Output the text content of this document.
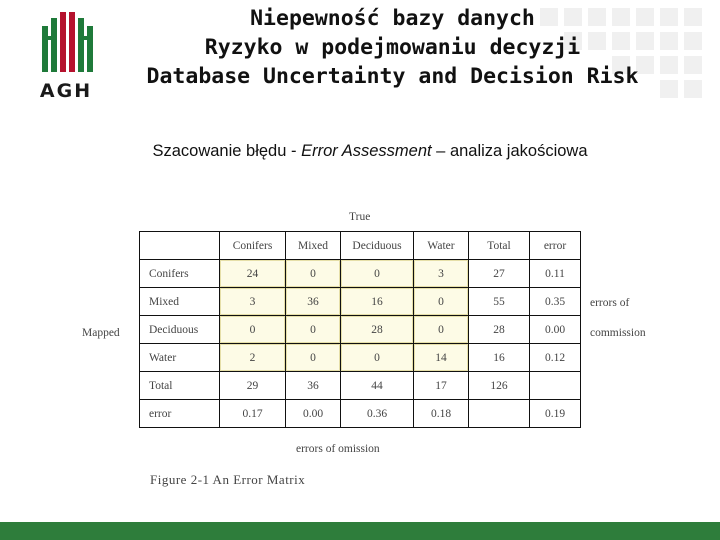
AGH
Niepewność bazy danych
Ryzyko w podejmowaniu decyzji
Database Uncertainty and Decision Risk
Szacowanie błędu - Error Assessment – analiza jakościowa
True
Mapped
errors of
commission
errors of omission
Figure 2-1 An Error Matrix
	Conifers	Mixed	Deciduous	Water	Total	error
Conifers	24	0	0	3	27	0.11
Mixed	3	36	16	0	55	0.35
Deciduous	0	0	28	0	28	0.00
Water	2	0	0	14	16	0.12
Total	29	36	44	17	126	
error	0.17	0.00	0.36	0.18		0.19
